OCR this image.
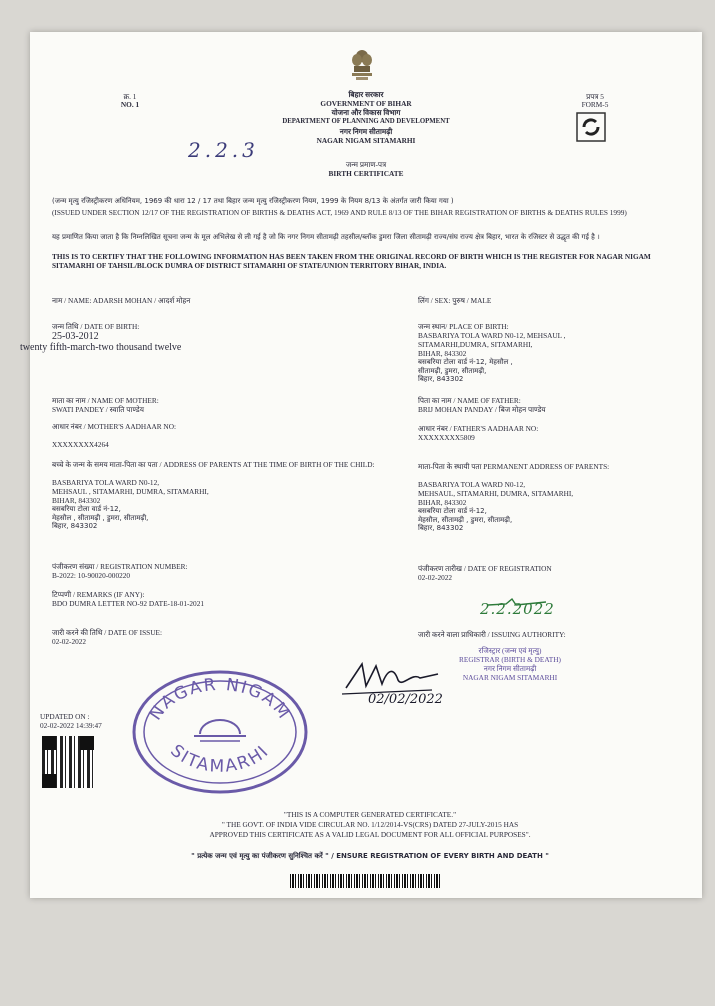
क्र. 1
NO. 1
प्रपत्र 5
FORM-5
बिहार सरकार
GOVERNMENT OF BIHAR
योजना और विकास विभाग
DEPARTMENT OF PLANNING AND DEVELOPMENT
नगर निगम सीतामढ़ी
NAGAR NIGAM SITAMARHI
2.2.3
जन्म प्रमाण-पत्र
BIRTH CERTIFICATE
(जन्म मृत्यु रजिस्ट्रीकरण अधिनियम, 1969 की धारा 12 / 17 तथा बिहार जन्म मृत्यु रजिस्ट्रीकरण नियम, 1999 के नियम 8/13 के अंतर्गत जारी किया गया )
(ISSUED UNDER SECTION 12/17 OF THE REGISTRATION OF BIRTHS & DEATHS ACT, 1969 AND RULE 8/13 OF THE BIHAR REGISTRATION OF BIRTHS & DEATHS RULES 1999)
यह प्रमाणित किया जाता है कि निम्नलिखित सूचना जन्म के मूल अभिलेख से ली गई है जो कि नगर निगम सीतामढ़ी तहसील/ब्लॉक डुमरा जिला सीतामढ़ी राज्य/संघ राज्य क्षेत्र बिहार, भारत के रजिस्टर से उद्धृत की गई है ।
THIS IS TO CERTIFY THAT THE FOLLOWING INFORMATION HAS BEEN TAKEN FROM THE ORIGINAL RECORD OF BIRTH WHICH IS THE REGISTER FOR NAGAR NIGAM SITAMARHI OF TAHSIL/BLOCK DUMRA OF DISTRICT SITAMARHI OF STATE/UNION TERRITORY BIHAR, INDIA.
नाम / NAME: ADARSH MOHAN / आदर्श मोहन	लिंग / SEX: पुरुष / MALE
जन्म तिथि / DATE OF BIRTH:
25-03-2012
twenty fifth-march-two thousand twelve
जन्म स्थान/ PLACE OF BIRTH:
BASBARIYA TOLA WARD N0-12, MEHSAUL ,
SITAMARHI,DUMRA, SITAMARHI,
BIHAR, 843302
बसबरिया टोला वार्ड नं-12, मेहसौल ,
सीतामढ़ी, डुमरा, सीतामढ़ी,
बिहार, 843302
माता का नाम / NAME OF MOTHER:
SWATI PANDEY / स्वाति पाण्डेय
पिता का नाम / NAME OF FATHER:
BRIJ MOHAN PANDAY / बिज मोहन पाण्डेय
आधार नंबर / MOTHER'S AADHAAR NO:
XXXXXXXX4264
आधार नंबर / FATHER'S AADHAAR NO:
XXXXXXXX5809
बच्चे के जन्म के समय माता-पिता का पता / ADDRESS OF PARENTS AT THE TIME OF BIRTH OF THE CHILD:
BASBARIYA TOLA WARD N0-12,
MEHSAUL , SITAMARHI, DUMRA, SITAMARHI,
BIHAR, 843302
बसबरिया टोला वार्ड नं-12,
मेहसौल , सीतामढ़ी , डुमरा, सीतामढ़ी,
बिहार, 843302
माता-पिता के स्थायी पता PERMANENT ADDRESS OF PARENTS:
BASBARIYA TOLA WARD N0-12,
MEHSAUL, SITAMARHI, DUMRA, SITAMARHI,
BIHAR, 843302
बसबरिया टोला वार्ड नं-12,
मेहसौल, सीतामढ़ी , डुमरा, सीतामढ़ी,
बिहार, 843302
पंजीकरण संख्या / REGISTRATION NUMBER:
B-2022: 10-90020-000220
पंजीकरण तारीख / DATE OF REGISTRATION
02-02-2022
टिप्पणी / REMARKS (IF ANY):
BDO DUMRA LETTER NO-92 DATE-18-01-2021	2.2.2022
जारी करने की तिथि / DATE OF ISSUE:
02-02-2022
जारी करने वाला प्राधिकारी / ISSUING AUTHORITY:
रजिस्ट्रार (जन्म एवं मृत्यु)
REGISTRAR (BIRTH & DEATH)
नगर निगम सीतामढ़ी
NAGAR NIGAM SITAMARHI
02/02/2022
NAGAR NIGAM
SITAMARHI
UPDATED ON :
02-02-2022 14:39:47
"THIS IS A COMPUTER GENERATED CERTIFICATE."
" THE GOVT. OF INDIA VIDE CIRCULAR NO. 1/12/2014-VS(CRS) DATED 27-JULY-2015 HAS
APPROVED THIS CERTIFICATE AS A VALID LEGAL DOCUMENT FOR ALL OFFICIAL PURPOSES".
" प्रत्येक जन्म एवं मृत्यु का पंजीकरण सुनिश्चित करें " / ENSURE REGISTRATION OF EVERY BIRTH AND DEATH "
